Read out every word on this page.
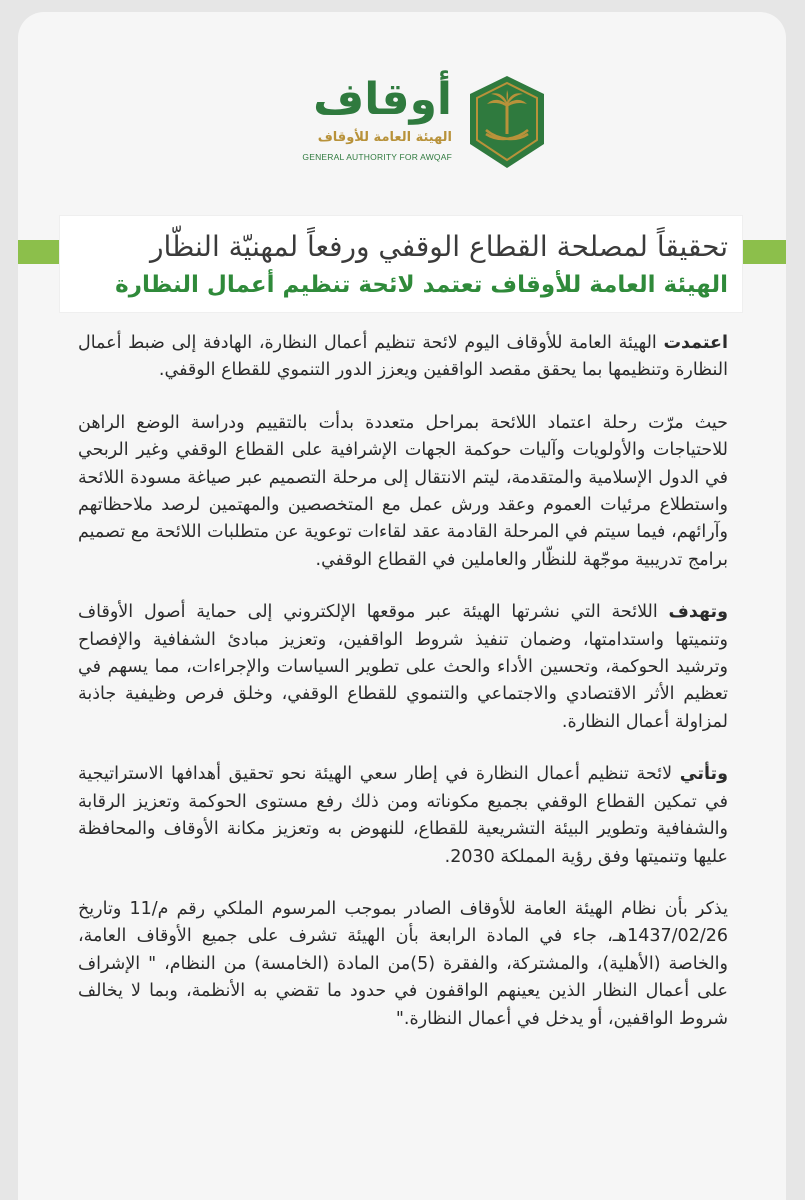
أوقاف
الهيئة العامة للأوقاف
GENERAL AUTHORITY FOR AWQAF
تحقيقاً لمصلحة القطاع الوقفي ورفعاً لمهنيّة النظّار
الهيئة العامة للأوقاف تعتمد لائحة تنظيم أعمال النظارة

اعتمدت الهيئة العامة للأوقاف اليوم لائحة تنظيم أعمال النظارة، الهادفة إلى ضبط أعمال النظارة وتنظيمها بما يحقق مقصد الواقفين ويعزز الدور التنموي للقطاع الوقفي.

حيث مرّت رحلة اعتماد اللائحة بمراحل متعددة بدأت بالتقييم ودراسة الوضع الراهن للاحتياجات والأولويات وآليات حوكمة الجهات الإشرافية على القطاع الوقفي وغير الربحي في الدول الإسلامية والمتقدمة، ليتم الانتقال إلى مرحلة التصميم عبر صياغة مسودة اللائحة واستطلاع مرئيات العموم وعقد ورش عمل مع المتخصصين والمهتمين لرصد ملاحظاتهم وآرائهم، فيما سيتم في المرحلة القادمة عقد لقاءات توعوية عن متطلبات اللائحة مع تصميم برامج تدريبية موجّهة للنظّار والعاملين في القطاع الوقفي.

وتهدف اللائحة التي نشرتها الهيئة عبر موقعها الإلكتروني إلى حماية أصول الأوقاف وتنميتها واستدامتها، وضمان تنفيذ شروط الواقفين، وتعزيز مبادئ الشفافية والإفصاح وترشيد الحوكمة، وتحسين الأداء والحث على تطوير السياسات والإجراءات، مما يسهم في تعظيم الأثر الاقتصادي والاجتماعي والتنموي للقطاع الوقفي، وخلق فرص وظيفية جاذبة لمزاولة أعمال النظارة.

وتأتي لائحة تنظيم أعمال النظارة في إطار سعي الهيئة نحو تحقيق أهدافها الاستراتيجية في تمكين القطاع الوقفي بجميع مكوناته ومن ذلك رفع مستوى الحوكمة وتعزيز الرقابة والشفافية وتطوير البيئة التشريعية للقطاع، للنهوض به وتعزيز مكانة الأوقاف والمحافظة عليها وتنميتها وفق رؤية المملكة 2030.

يذكر بأن نظام الهيئة العامة للأوقاف الصادر بموجب المرسوم الملكي رقم م/11 وتاريخ 1437/02/26هـ، جاء في المادة الرابعة بأن الهيئة تشرف على جميع الأوقاف العامة، والخاصة (الأهلية)، والمشتركة، والفقرة (5)من المادة (الخامسة) من النظام، " الإشراف على أعمال النظار الذين يعينهم الواقفون في حدود ما تقضي به الأنظمة، وبما لا يخالف شروط الواقفين، أو يدخل في أعمال النظارة."
